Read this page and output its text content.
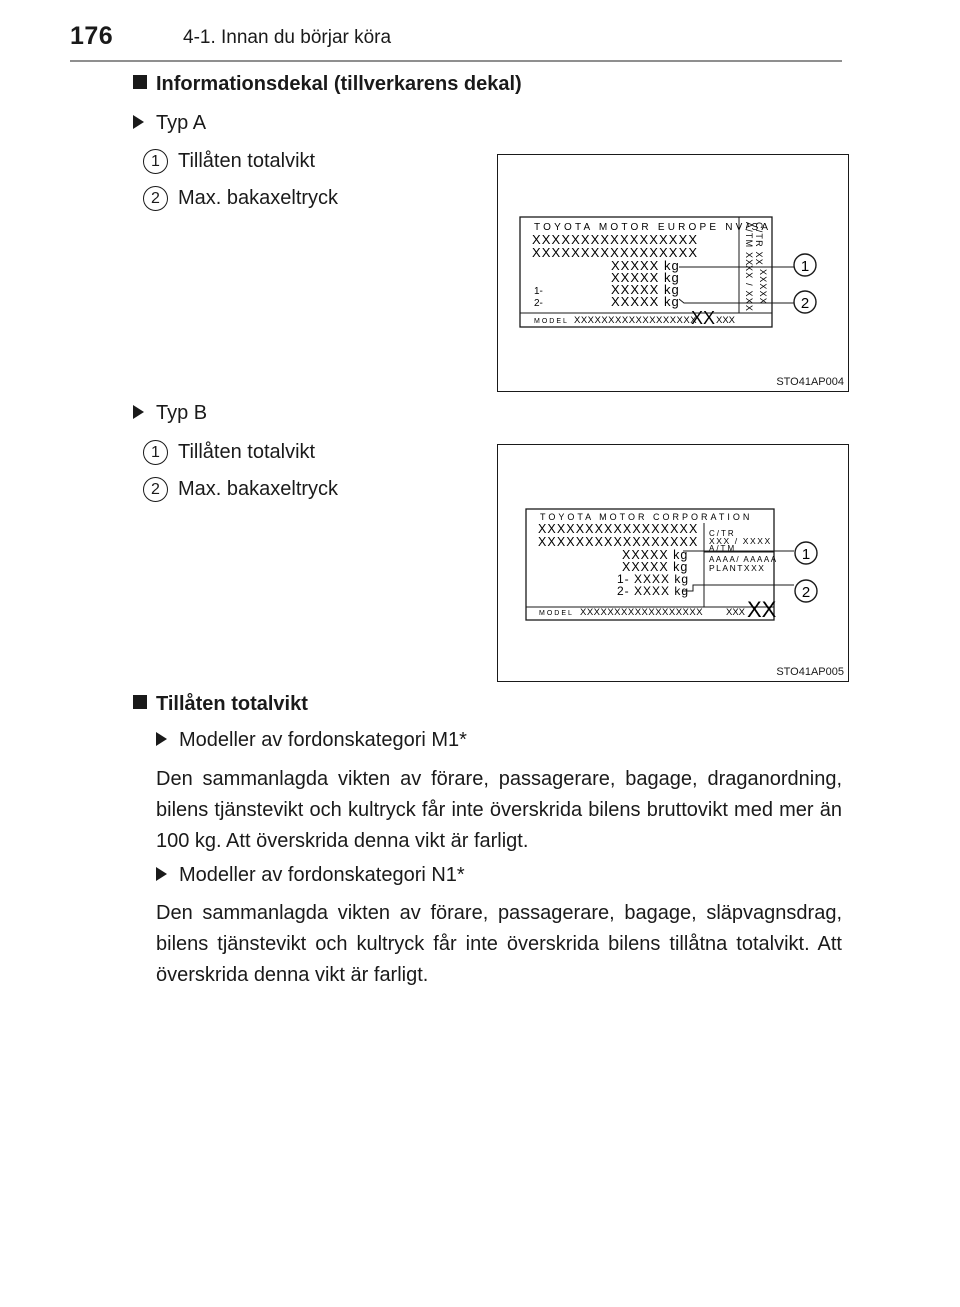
176	4-1. Innan du börjar köra
Informationsdekal (tillverkarens dekal)
Typ A
1 Tillåten totalvikt
2 Max. bakaxeltryck
TOYOTA MOTOR EUROPE NV/SA
XXXXXXXXXXXXXXXXX
XXXXXXXXXXXXXXXXX
XXXXX kg
XXXXX kg
1-	XXXXX kg
2-	XXXXX kg
MODEL XXXXXXXXXXXXXXXXXX
XX XXX
C/TR XX
A/TM XX
XX / XXX XXXXX
1
2
STO41AP004
Typ B
1 Tillåten totalvikt
2 Max. bakaxeltryck
TOYOTA MOTOR CORPORATION
XXXXXXXXXXXXXXXXX
XXXXXXXXXXXXXXXXX
XXXXX kg
XXXXX kg
1- XXXX kg
2- XXXX kg
C/TR
XXX / XXXX
A/TM
AAAA/ AAAAA
PLANTXXX
MODEL XXXXXXXXXXXXXXXXXX XXX XX
1
2
STO41AP005
Tillåten totalvikt
Modeller av fordonskategori M1*
Den sammanlagda vikten av förare, passagerare, bagage, draganordning, bilens tjänstevikt och kultryck får inte överskrida bilens bruttovikt med mer än 100 kg. Att överskrida denna vikt är farligt.
Modeller av fordonskategori N1*
Den sammanlagda vikten av förare, passagerare, bagage, släpvagnsdrag, bilens tjänstevikt och kultryck får inte överskrida bilens tillåtna totalvikt. Att överskrida denna vikt är farligt.
